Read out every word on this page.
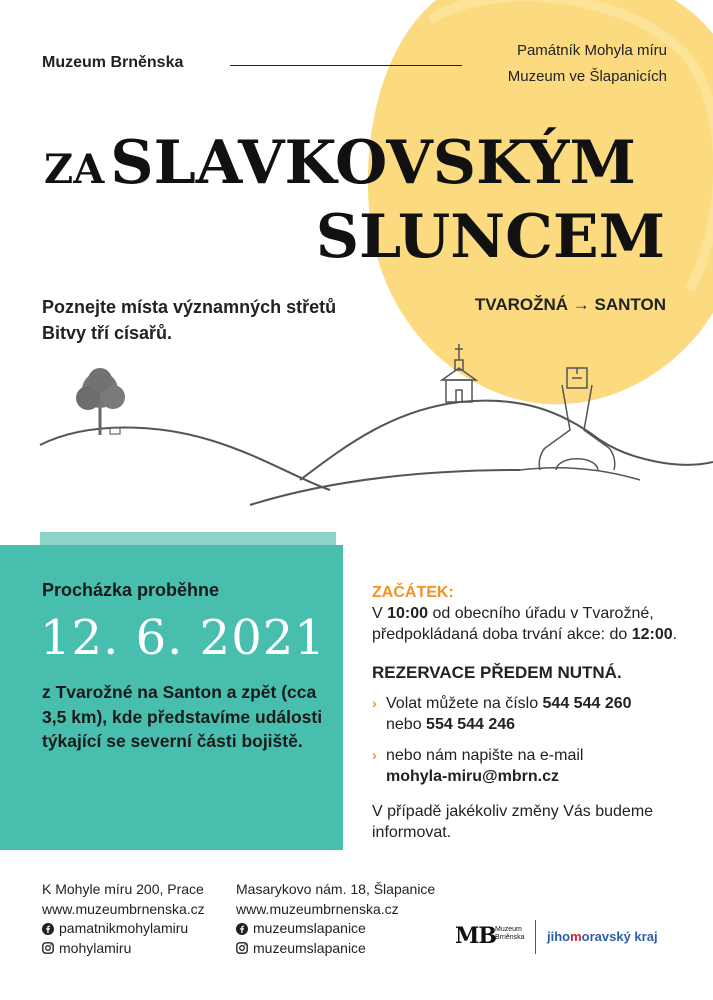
Muzeum Brněnska
Památník Mohyla míru
Muzeum ve Šlapanicích
ZA SLAVKOVSKÝM
SLUNCEM
Poznejte místa významných střetů Bitvy tří císařů.
TVAROŽNÁ → SANTON
Procházka proběhne
12. 6. 2021
z Tvarožné na Santon a zpět (cca 3,5 km), kde představíme události týkající se severní části bojiště.
ZAČÁTEK:
V 10:00 od obecního úřadu v Tvarožné, předpokládaná doba trvání akce: do 12:00.
REZERVACE PŘEDEM NUTNÁ.
› Volat můžete na číslo 544 544 260
nebo 554 544 246
› nebo nám napište na e-mail
mohyla-miru@mbrn.cz
V případě jakékoliv změny Vás budeme informovat.
K Mohyle míru 200, Prace
www.muzeumbrnenska.cz
pamatnikmohylamiru
mohylamiru
Masarykovo nám. 18, Šlapanice
www.muzeumbrnenska.cz
muzeumslapanice
muzeumslapanice	MB Muzeum
Brněnska jihomoravský kraj
